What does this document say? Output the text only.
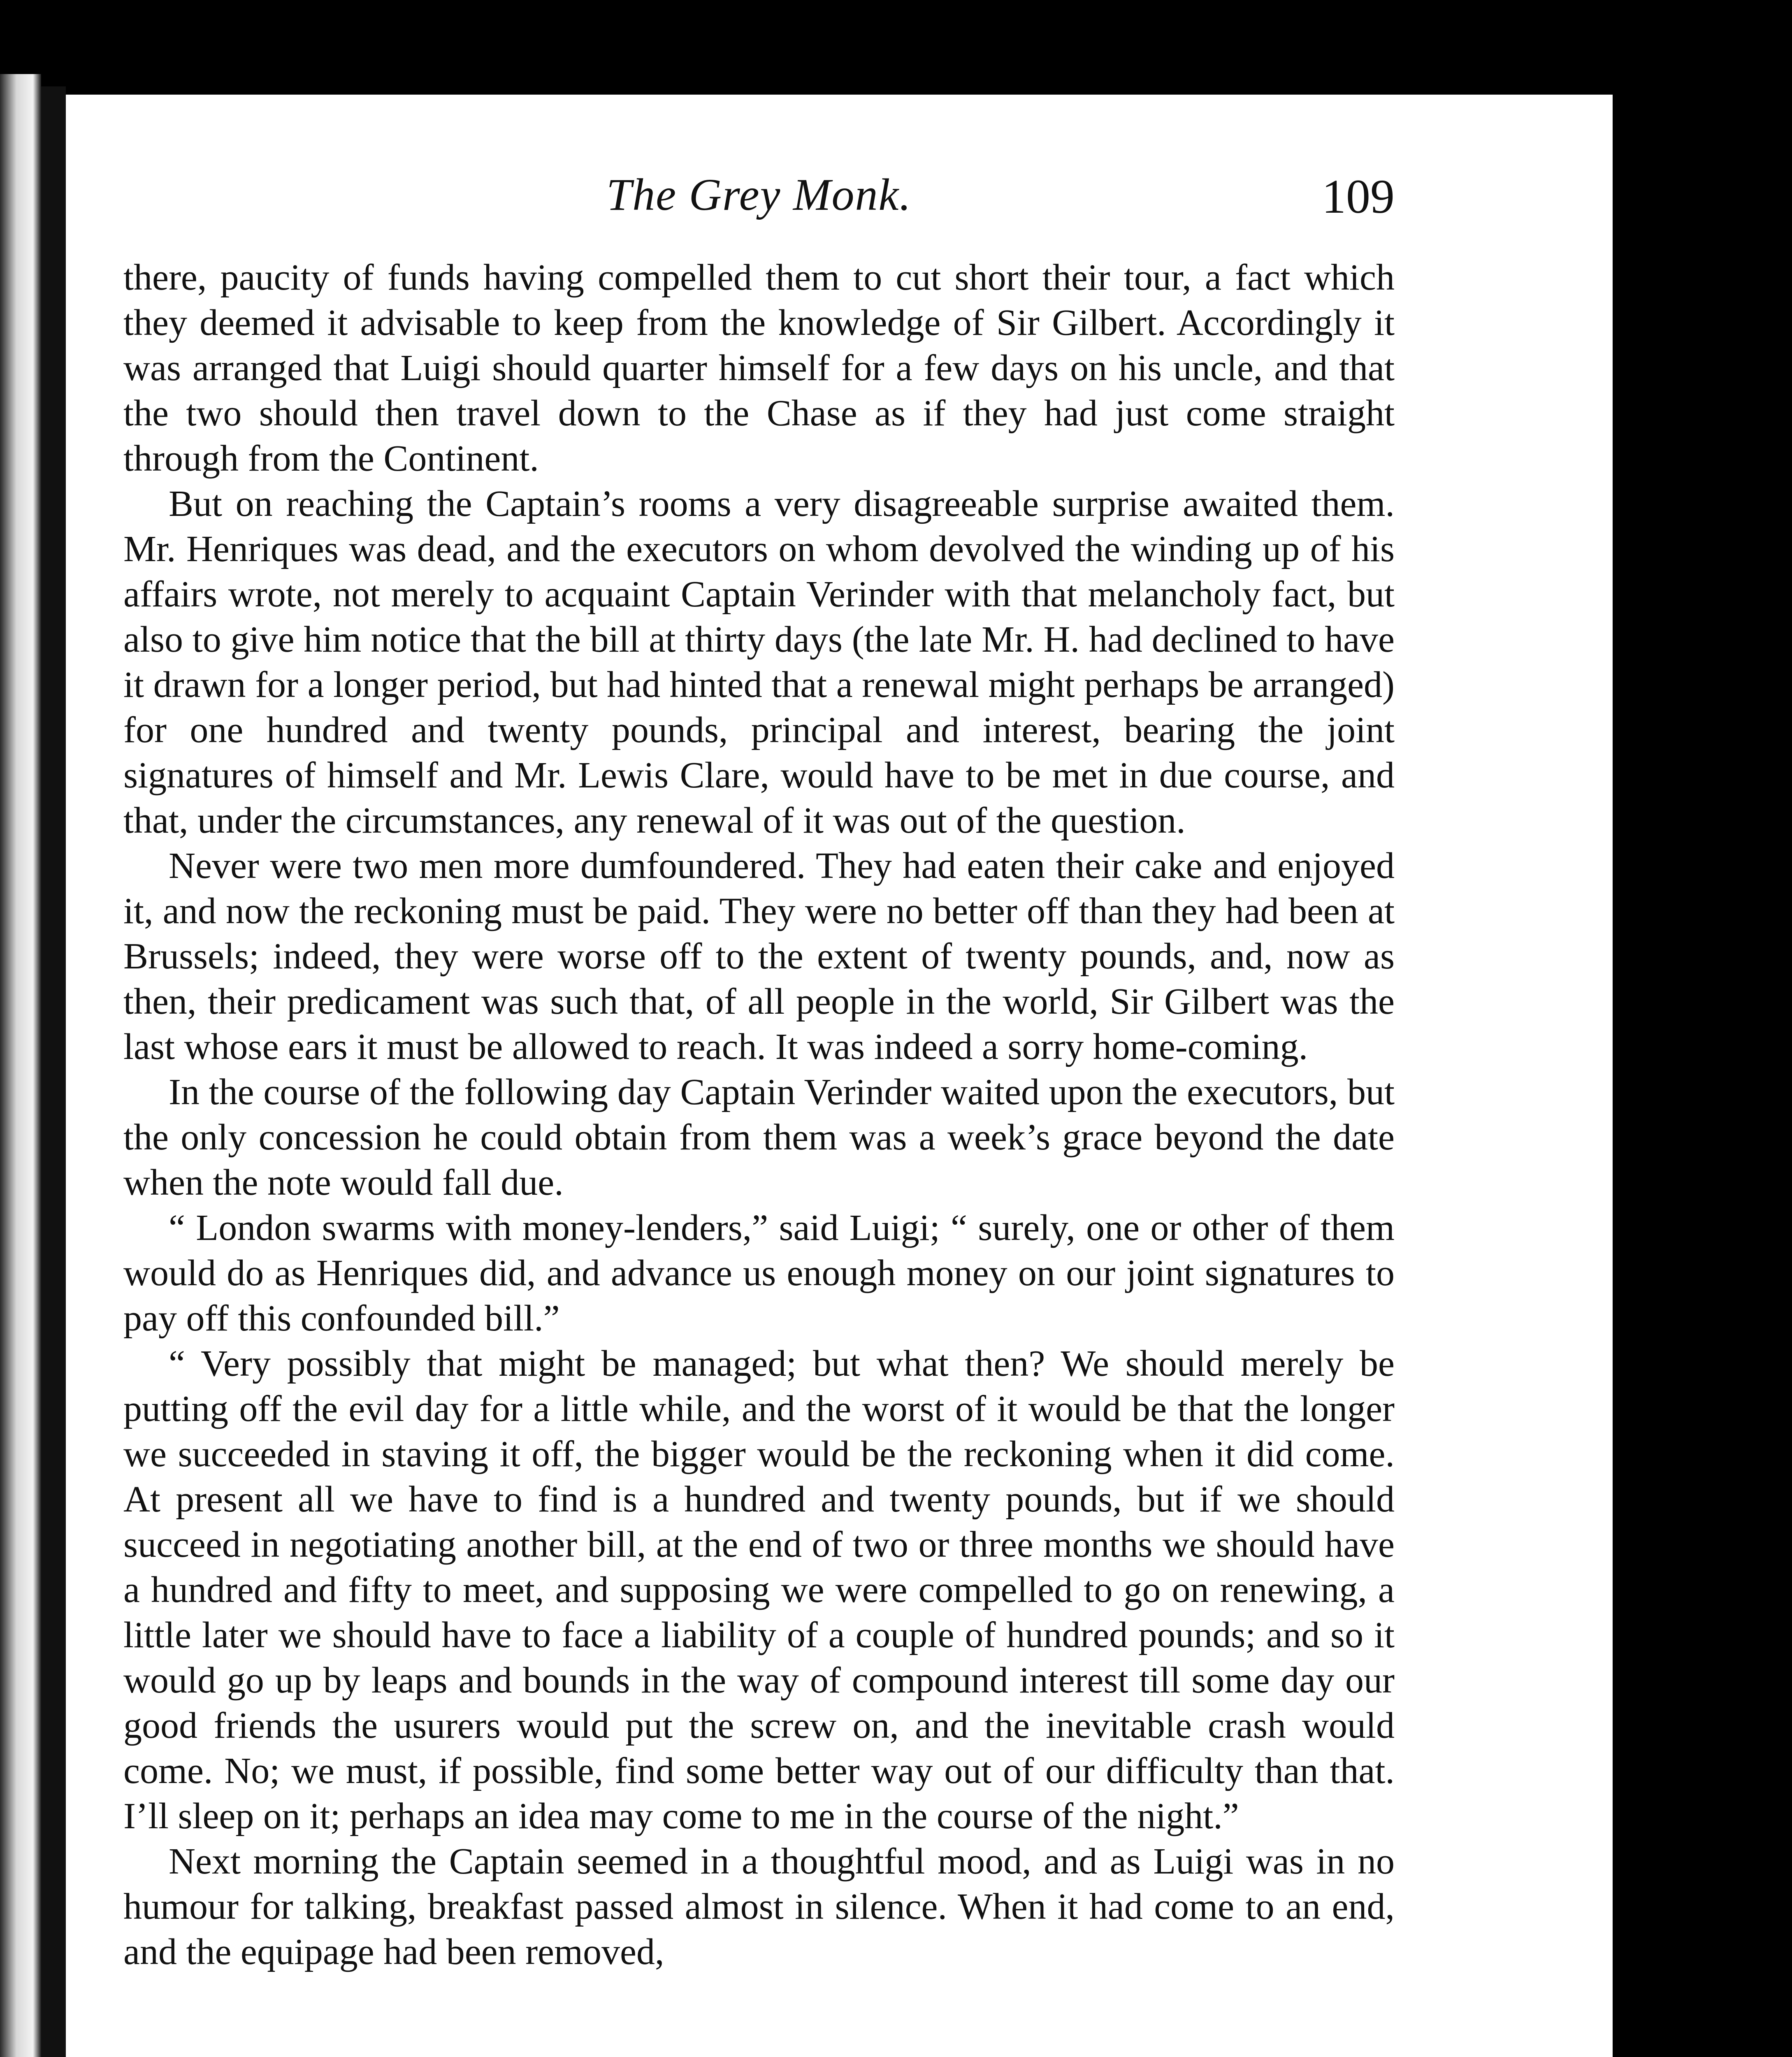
The Grey Monk.	109

there, paucity of funds having compelled them to cut short their tour, a fact which they deemed it advisable to keep from the knowledge of Sir Gilbert. Accordingly it was arranged that Luigi should quarter himself for a few days on his uncle, and that the two should then travel down to the Chase as if they had just come straight through from the Continent.

But on reaching the Captain’s rooms a very disagreeable surprise awaited them. Mr. Henriques was dead, and the executors on whom devolved the winding up of his affairs wrote, not merely to acquaint Captain Verinder with that melancholy fact, but also to give him notice that the bill at thirty days (the late Mr. H. had declined to have it drawn for a longer period, but had hinted that a renewal might perhaps be arranged) for one hundred and twenty pounds, principal and interest, bearing the joint signatures of himself and Mr. Lewis Clare, would have to be met in due course, and that, under the circumstances, any renewal of it was out of the question.

Never were two men more dumfoundered. They had eaten their cake and enjoyed it, and now the reckoning must be paid. They were no better off than they had been at Brussels; indeed, they were worse off to the extent of twenty pounds, and, now as then, their predicament was such that, of all people in the world, Sir Gilbert was the last whose ears it must be allowed to reach. It was indeed a sorry home-coming.

In the course of the following day Captain Verinder waited upon the executors, but the only concession he could obtain from them was a week’s grace beyond the date when the note would fall due.

“ London swarms with money-lenders,” said Luigi; “ surely, one or other of them would do as Henriques did, and advance us enough money on our joint signatures to pay off this confounded bill.”

“ Very possibly that might be managed; but what then? We should merely be putting off the evil day for a little while, and the worst of it would be that the longer we succeeded in staving it off, the bigger would be the reckoning when it did come. At present all we have to find is a hundred and twenty pounds, but if we should succeed in negotiating another bill, at the end of two or three months we should have a hundred and fifty to meet, and supposing we were compelled to go on renewing, a little later we should have to face a liability of a couple of hundred pounds; and so it would go up by leaps and bounds in the way of compound interest till some day our good friends the usurers would put the screw on, and the inevitable crash would come. No; we must, if possible, find some better way out of our difficulty than that. I’ll sleep on it; perhaps an idea may come to me in the course of the night.”

Next morning the Captain seemed in a thoughtful mood, and as Luigi was in no humour for talking, breakfast passed almost in silence. When it had come to an end, and the equipage had been removed,
